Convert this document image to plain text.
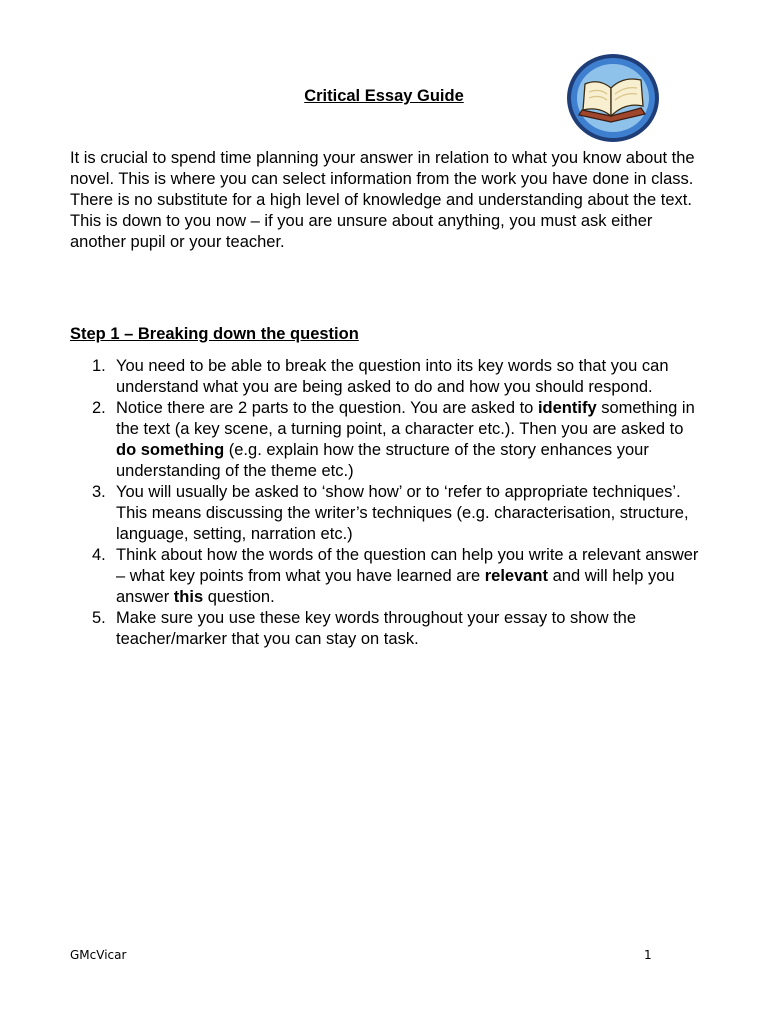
Critical Essay Guide

It is crucial to spend time planning your answer in relation to what you know about the novel. This is where you can select information from the work you have done in class. There is no substitute for a high level of knowledge and understanding about the text. This is down to you now – if you are unsure about anything, you must ask either another pupil or your teacher.

Step 1 – Breaking down the question
1. You need to be able to break the question into its key words so that you can understand what you are being asked to do and how you should respond.
2. Notice there are 2 parts to the question. You are asked to identify something in the text (a key scene, a turning point, a character etc.). Then you are asked to do something (e.g. explain how the structure of the story enhances your understanding of the theme etc.)
3. You will usually be asked to ‘show how’ or to ‘refer to appropriate techniques’. This means discussing the writer’s techniques (e.g. characterisation, structure, language, setting, narration etc.)
4. Think about how the words of the question can help you write a relevant answer – what key points from what you have learned are relevant and will help you answer this question.
5. Make sure you use these key words throughout your essay to show the teacher/marker that you can stay on task.
GMcVicar	1
